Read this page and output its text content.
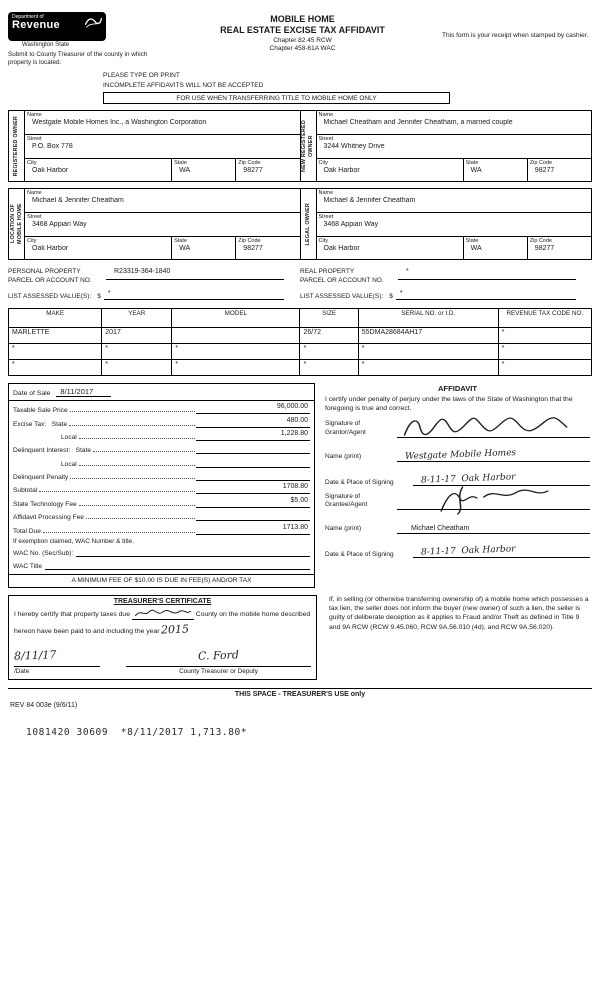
Department of
Revenue
Washington State
Submit to County Treasurer of the county in which property is located.
MOBILE HOME
REAL ESTATE EXCISE TAX AFFIDAVIT
Chapter 82.45 RCW
Chapter 458-61A WAC
This form is your receipt when stamped by cashier.
PLEASE TYPE OR PRINT
INCOMPLETE AFFIDAVITS WILL NOT BE ACCEPTED
FOR USE WHEN TRANSFERRING TITLE TO MOBILE HOME ONLY
REGISTERED OWNER
Name
Westgate Mobile Homes Inc., a Washington Corporation
Street
P.O. Box 778
City
Oak Harbor
State
WA
Zip Code
98277	NEW REGISTERED OWNER
Name
Michael Cheatham and Jennifer Cheatham, a married couple
Street
3244 Whitney Drive
City
Oak Harbor
State
WA
Zip Code
98277
LOCATION OF MOBILE HOME
Name
Michael & Jennifer Cheatham
Street
3468 Appian Way
City
Oak Harbor
State
WA
Zip Code
98277
LEGAL OWNER
Name
Michael & Jennifer Cheatham
Street
3468 Appian Way
City
Oak Harbor
State
WA
Zip Code
98277
PERSONAL PROPERTY
PARCEL OR ACCOUNT NO.
R23319-364-1840
LIST ASSESSED VALUE(S): $	*
REAL PROPERTY
PARCEL OR ACCOUNT NO.
*
LIST ASSESSED VALUE(S): $	*
MAKE	YEAR	MODEL	SIZE	SERIAL NO. or I.D.	REVENUE TAX CODE NO.
MARLETTE	2017		26/72	55DMA28684AH17	*
*	*	*	*	*	*
*	*	*	*	*	*
Date of Sale	8/11/2017
Taxable Sale Price
96,000.00
Excise Tax:   State
480.00
Local
1,228.80
Delinquent Interest:   State
Local
Delinquent Penalty
Subtotal
1708.80
State Technology Fee
$5.00
Affidavit Processing Fee
Total Due
1713.80
If exemption claimed, WAC Number & title.
WAC No. (Sec/Sub):
WAC Title
A MINIMUM FEE OF $10.00 IS DUE IN FEE(S) AND/OR TAX
AFFIDAVIT
I certify under penalty of perjury under the laws of the State of Washington that the foregoing is true and correct.
Signature of
Grantor/Agent
Name (print)	Westgate Mobile Homes
Date & Place of Signing	8-11-17  Oak Harbor
Signature of
Grantee/Agent
Name (print)	Michael Cheatham
Date & Place of Signing	8-11-17  Oak Harbor
TREASURER'S CERTIFICATE
I hereby certify that property taxes due	County on the mobile home described hereon have been paid to and including the year 2015
8/11/17
/Date
C. Ford
County Treasurer or Deputy
If, in selling (or otherwise transferring ownership of) a mobile home which possesses a tax lien, the seller does not inform the buyer (new owner) of such a lien, the seller is guilty of deliberate deception as it applies to Fraud and/or Theft as defined in Title 9 and 9A RCW (RCW 9.45.060, RCW 9A.56.010 (4d), and RCW 9A.56.020).
THIS SPACE - TREASURER'S USE only
REV 84 003e (9/6/11)
1081420 30609  *8/11/2017 1,713.80*
